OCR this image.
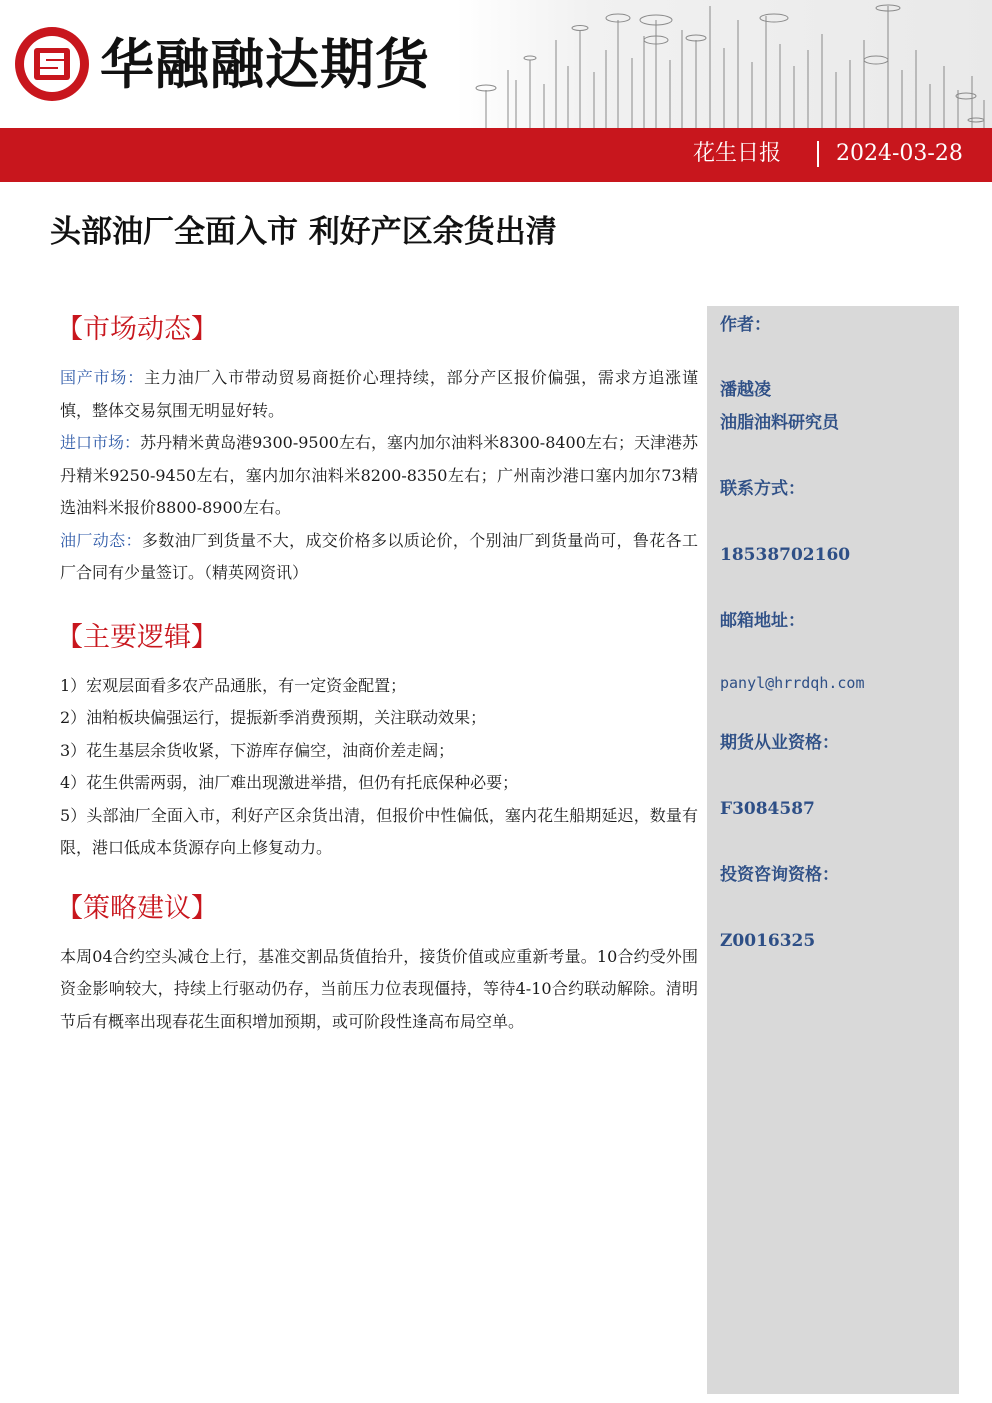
华融融达期货
花生日报	2024-03-28
头部油厂全面入市 利好产区余货出清
【市场动态】

国产市场：主力油厂入市带动贸易商挺价心理持续，部分产区报价偏强，需求方追涨谨慎，整体交易氛围无明显好转。

进口市场：苏丹精米黄岛港9300-9500左右，塞内加尔油料米8300-8400左右；天津港苏丹精米9250-9450左右，塞内加尔油料米8200-8350左右；广州南沙港口塞内加尔73精选油料米报价8800-8900左右。

油厂动态：多数油厂到货量不大，成交价格多以质论价，个别油厂到货量尚可，鲁花各工厂合同有少量签订。（精英网资讯）

【主要逻辑】

1）宏观层面看多农产品通胀，有一定资金配置；

2）油粕板块偏强运行，提振新季消费预期，关注联动效果；

3）花生基层余货收紧，下游库存偏空，油商价差走阔；

4）花生供需两弱，油厂难出现激进举措，但仍有托底保种必要；

5）头部油厂全面入市，利好产区余货出清，但报价中性偏低，塞内花生船期延迟，数量有限，港口低成本货源存向上修复动力。

【策略建议】

本周04合约空头减仓上行，基准交割品货值抬升，接货价值或应重新考量。10合约受外围资金影响较大，持续上行驱动仍存，当前压力位表现僵持，等待4-10合约联动解除。清明节后有概率出现春花生面积增加预期，或可阶段性逢高布局空单。

作者：
潘越凌
油脂油料研究员
联系方式：
18538702160
邮箱地址：
panyl@hrrdqh.com
期货从业资格：
F3084587
投资咨询资格：
Z0016325
